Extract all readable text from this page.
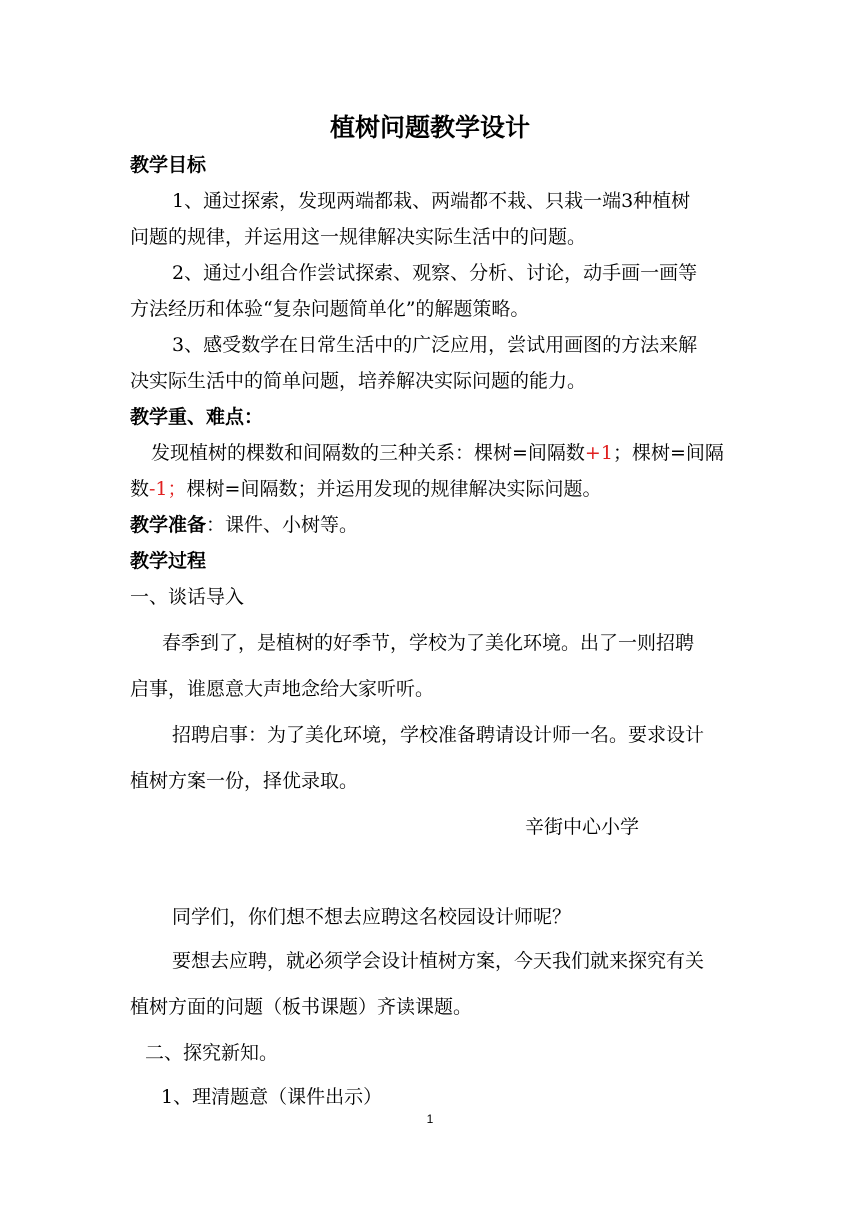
植树问题教学设计
教学目标
1、通过探索，发现两端都栽、两端都不栽、只栽一端3种植树
问题的规律，并运用这一规律解决实际生活中的问题。
2、通过小组合作尝试探索、观察、分析、讨论，动手画一画等
方法经历和体验“复杂问题简单化”的解题策略。
3、感受数学在日常生活中的广泛应用，尝试用画图的方法来解
决实际生活中的简单问题，培养解决实际问题的能力。
教学重、难点：
发现植树的棵数和间隔数的三种关系：棵树=间隔数+1；棵树=间隔
数-1；棵树=间隔数；并运用发现的规律解决实际问题。
教学准备：课件、小树等。
教学过程
一、谈话导入
春季到了，是植树的好季节，学校为了美化环境。出了一则招聘
启事，谁愿意大声地念给大家听听。
招聘启事：为了美化环境，学校准备聘请设计师一名。要求设计
植树方案一份，择优录取。
辛街中心小学
同学们，你们想不想去应聘这名校园设计师呢？
要想去应聘，就必须学会设计植树方案，今天我们就来探究有关
植树方面的问题（板书课题）齐读课题。
二、探究新知。
1、理清题意（课件出示）
1
